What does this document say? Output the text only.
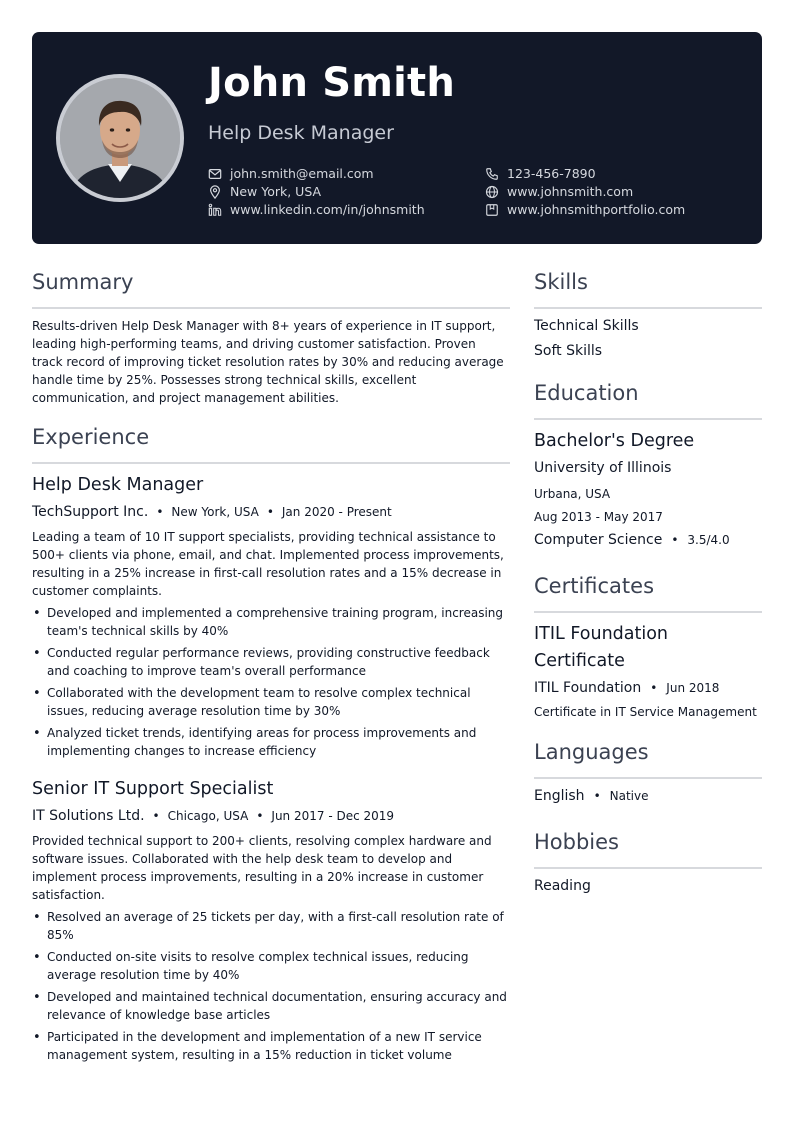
John Smith
Help Desk Manager
john.smith@email.com
New York, USA
www.linkedin.com/in/johnsmith
123-456-7890
www.johnsmith.com
www.johnsmithportfolio.com
Summary
Results-driven Help Desk Manager with 8+ years of experience in IT support, leading high-performing teams, and driving customer satisfaction. Proven track record of improving ticket resolution rates by 30% and reducing average handle time by 25%. Possesses strong technical skills, excellent communication, and project management abilities.
Experience
Help Desk Manager
TechSupport Inc. • New York, USA • Jan 2020 - Present
Leading a team of 10 IT support specialists, providing technical assistance to 500+ clients via phone, email, and chat. Implemented process improvements, resulting in a 25% increase in first-call resolution rates and a 15% decrease in customer complaints.
• Developed and implemented a comprehensive training program, increasing team's technical skills by 40%
• Conducted regular performance reviews, providing constructive feedback and coaching to improve team's overall performance
• Collaborated with the development team to resolve complex technical issues, reducing average resolution time by 30%
• Analyzed ticket trends, identifying areas for process improvements and implementing changes to increase efficiency
Senior IT Support Specialist
IT Solutions Ltd. • Chicago, USA • Jun 2017 - Dec 2019
Provided technical support to 200+ clients, resolving complex hardware and software issues. Collaborated with the help desk team to develop and implement process improvements, resulting in a 20% increase in customer satisfaction.
• Resolved an average of 25 tickets per day, with a first-call resolution rate of 85%
• Conducted on-site visits to resolve complex technical issues, reducing average resolution time by 40%
• Developed and maintained technical documentation, ensuring accuracy and relevance of knowledge base articles
• Participated in the development and implementation of a new IT service management system, resulting in a 15% reduction in ticket volume
Skills
Technical Skills
Soft Skills
Education
Bachelor's Degree
University of Illinois
Urbana, USA
Aug 2013 - May 2017
Computer Science • 3.5/4.0
Certificates
ITIL Foundation
Certificate
ITIL Foundation • Jun 2018
Certificate in IT Service Management
Languages
English • Native
Hobbies
Reading
